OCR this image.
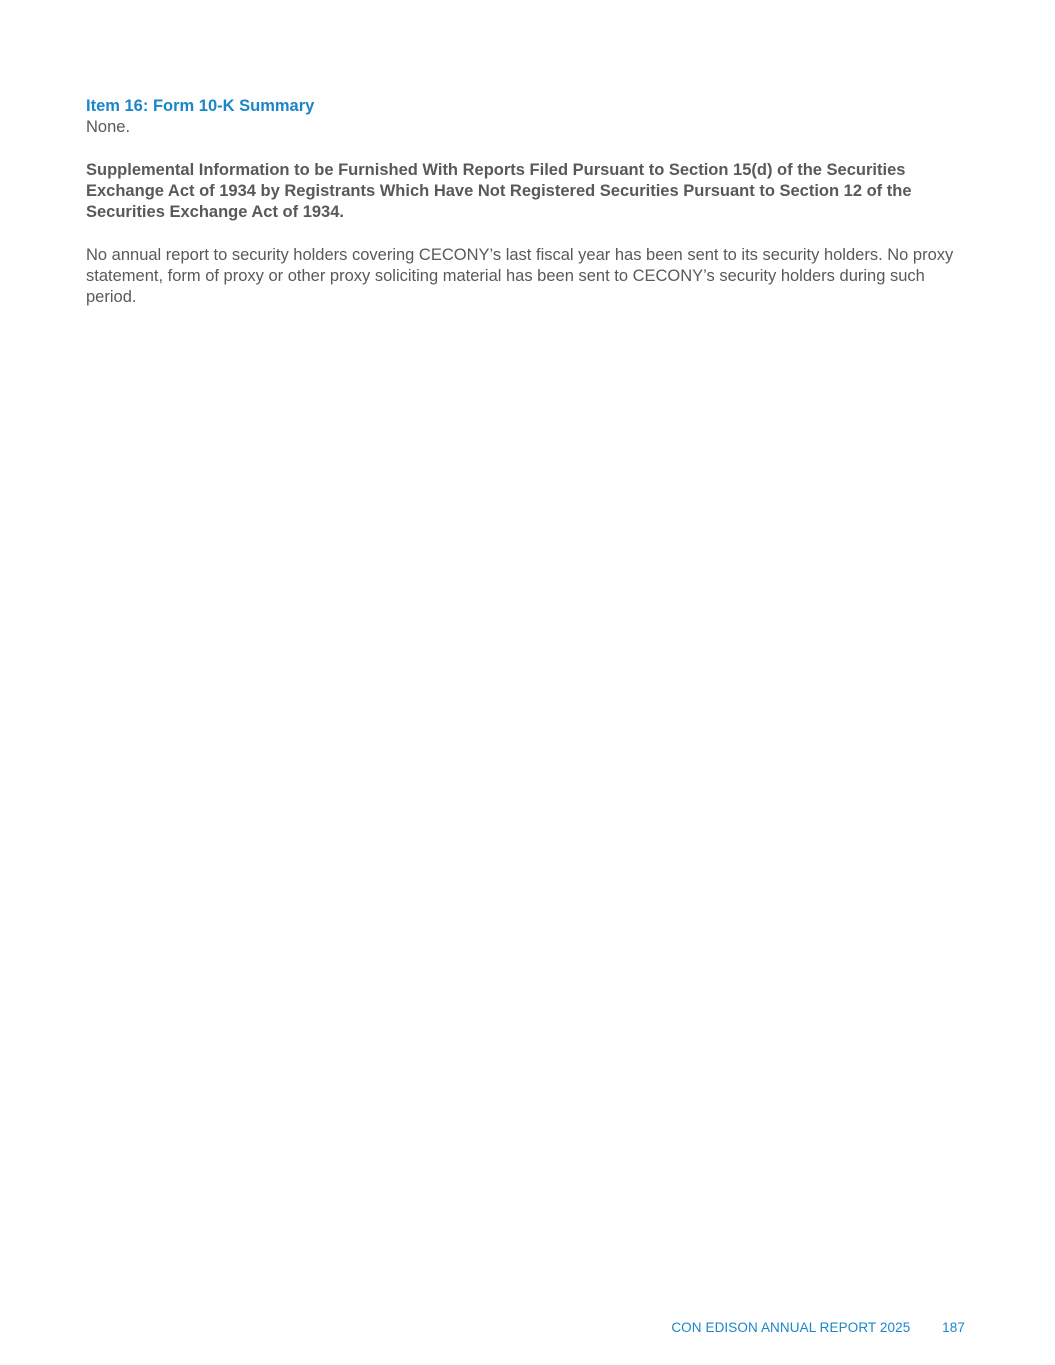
Item 16: Form 10-K Summary

None.

Supplemental Information to be Furnished With Reports Filed Pursuant to Section 15(d) of the Securities Exchange Act of 1934 by Registrants Which Have Not Registered Securities Pursuant to Section 12 of the Securities Exchange Act of 1934.

No annual report to security holders covering CECONY’s last fiscal year has been sent to its security holders. No proxy statement, form of proxy or other proxy soliciting material has been sent to CECONY’s security holders during such period.

CON EDISON ANNUAL REPORT 2025 187
